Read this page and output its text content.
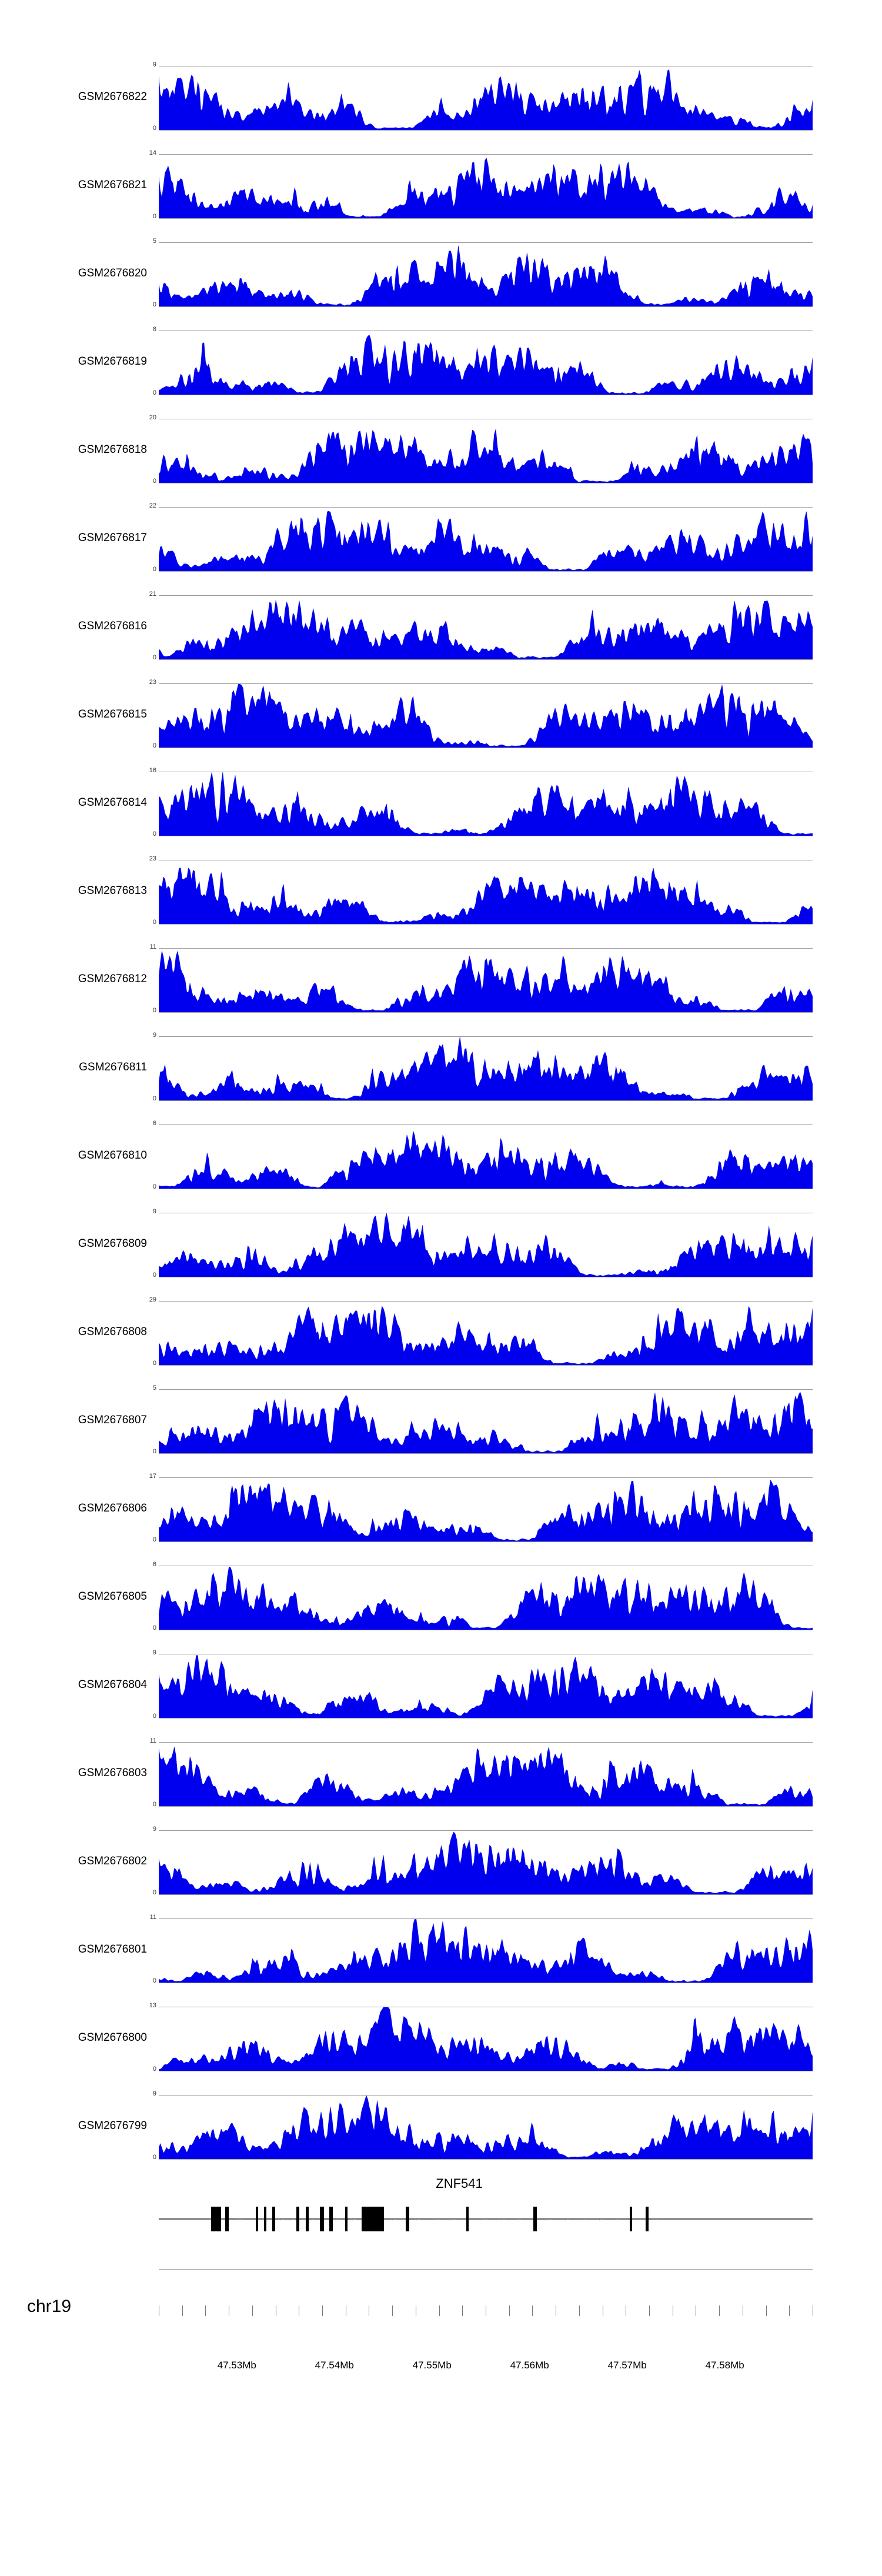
GSM2676822
9
0
GSM2676821
14
0
GSM2676820
5
0
GSM2676819
8
0
GSM2676818
20
0
GSM2676817
22
0
GSM2676816
21
0
GSM2676815
23
0
GSM2676814
16
0
GSM2676813
23
0
GSM2676812
11
0
GSM2676811
9
0
GSM2676810
6
0
GSM2676809
9
0
GSM2676808
29
0
GSM2676807
5
0
GSM2676806
17
0
GSM2676805
6
0
GSM2676804
9
0
GSM2676803
11
0
GSM2676802
9
0
GSM2676801
11
0
GSM2676800
13
0
GSM2676799
9
0
ZNF541
←	← ← ← ← ←	← ← ← ← ← ← ← ← ← ← ← ←	←
chr19
47.53Mb	47.54Mb	47.55Mb	47.56Mb	47.57Mb	47.58Mb
